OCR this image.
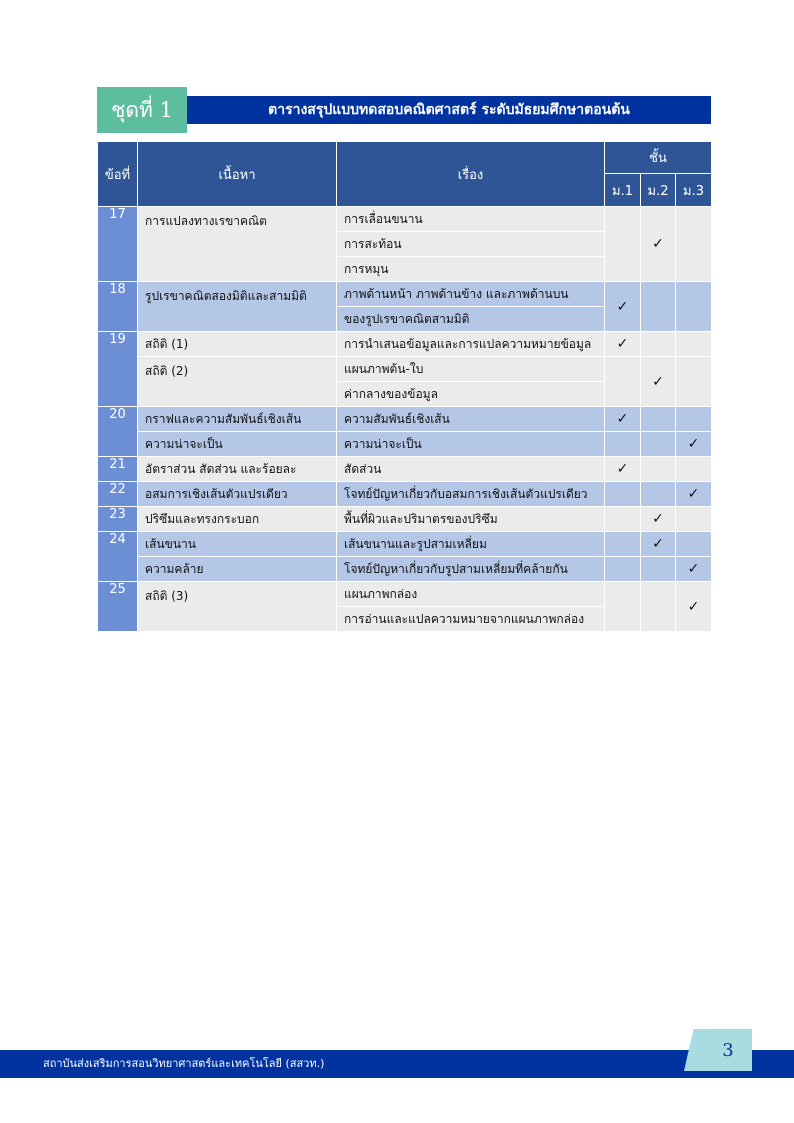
ชุดที่ 1	ตารางสรุปแบบทดสอบคณิตศาสตร์ ระดับมัธยมศึกษาตอนต้น
ข้อที่	เนื้อหา	เรื่อง	ชั้น		
			ม.1	ม.2	ม.3
17	การแปลงทางเรขาคณิต	การเลื่อนขนาน		✓	
		การสะท้อน			
		การหมุน			
18	รูปเรขาคณิตสองมิติและสามมิติ	ภาพด้านหน้า ภาพด้านข้าง และภาพด้านบน	✓		
		ของรูปเรขาคณิตสามมิติ			
19	สถิติ (1)	การนำเสนอข้อมูลและการแปลความหมายข้อมูล	✓		
	สถิติ (2)	แผนภาพต้น-ใบ		✓	
		ค่ากลางของข้อมูล			
20	กราฟและความสัมพันธ์เชิงเส้น	ความสัมพันธ์เชิงเส้น	✓		
	ความน่าจะเป็น	ความน่าจะเป็น			✓
21	อัตราส่วน สัดส่วน และร้อยละ	สัดส่วน	✓		
22	อสมการเชิงเส้นตัวแปรเดียว	โจทย์ปัญหาเกี่ยวกับอสมการเชิงเส้นตัวแปรเดียว			✓
23	ปริซึมและทรงกระบอก	พื้นที่ผิวและปริมาตรของปริซึม		✓	
24	เส้นขนาน	เส้นขนานและรูปสามเหลี่ยม		✓	
	ความคล้าย	โจทย์ปัญหาเกี่ยวกับรูปสามเหลี่ยมที่คล้ายกัน			✓
25	สถิติ (3)	แผนภาพกล่อง			✓
		การอ่านและแปลความหมายจากแผนภาพกล่อง			
สถาบันส่งเสริมการสอนวิทยาศาสตร์และเทคโนโลยี (สสวท.)
3
